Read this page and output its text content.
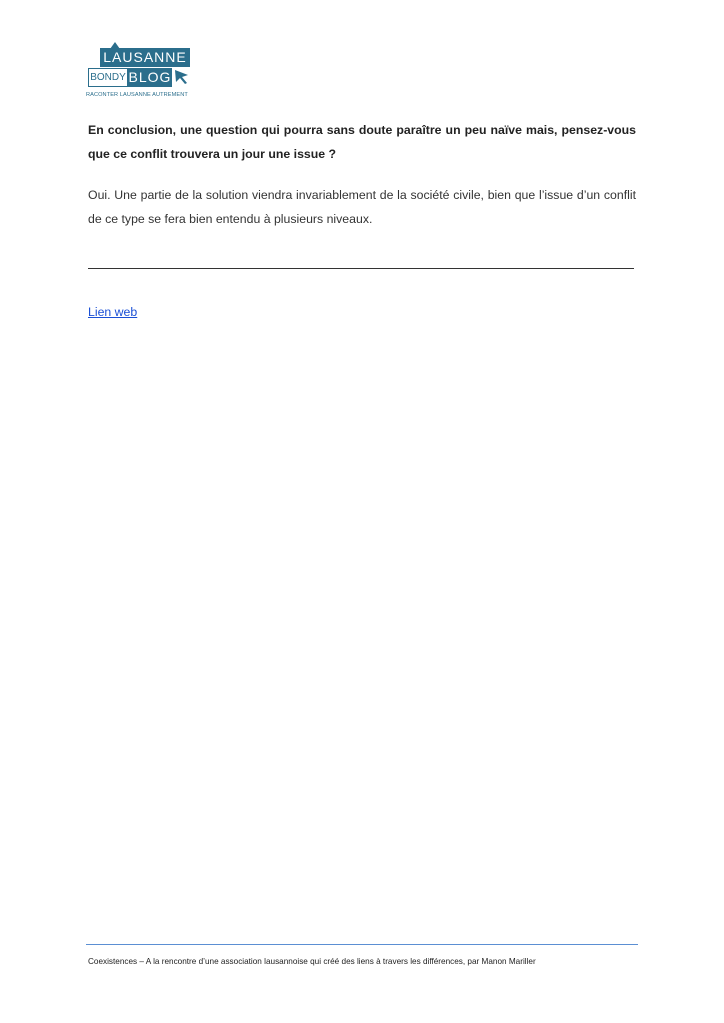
LAUSANNE
BONDY BLOG
RACONTER LAUSANNE AUTREMENT

En conclusion, une question qui pourra sans doute paraître un peu naïve mais, pensez-vous que ce conflit trouvera un jour une issue ?

Oui. Une partie de la solution viendra invariablement de la société civile, bien que l’issue d’un conflit de ce type se fera bien entendu à plusieurs niveaux.

Lien web
Coexistences – A la rencontre d’une association lausannoise qui créé des liens à travers les différences, par Manon Mariller
